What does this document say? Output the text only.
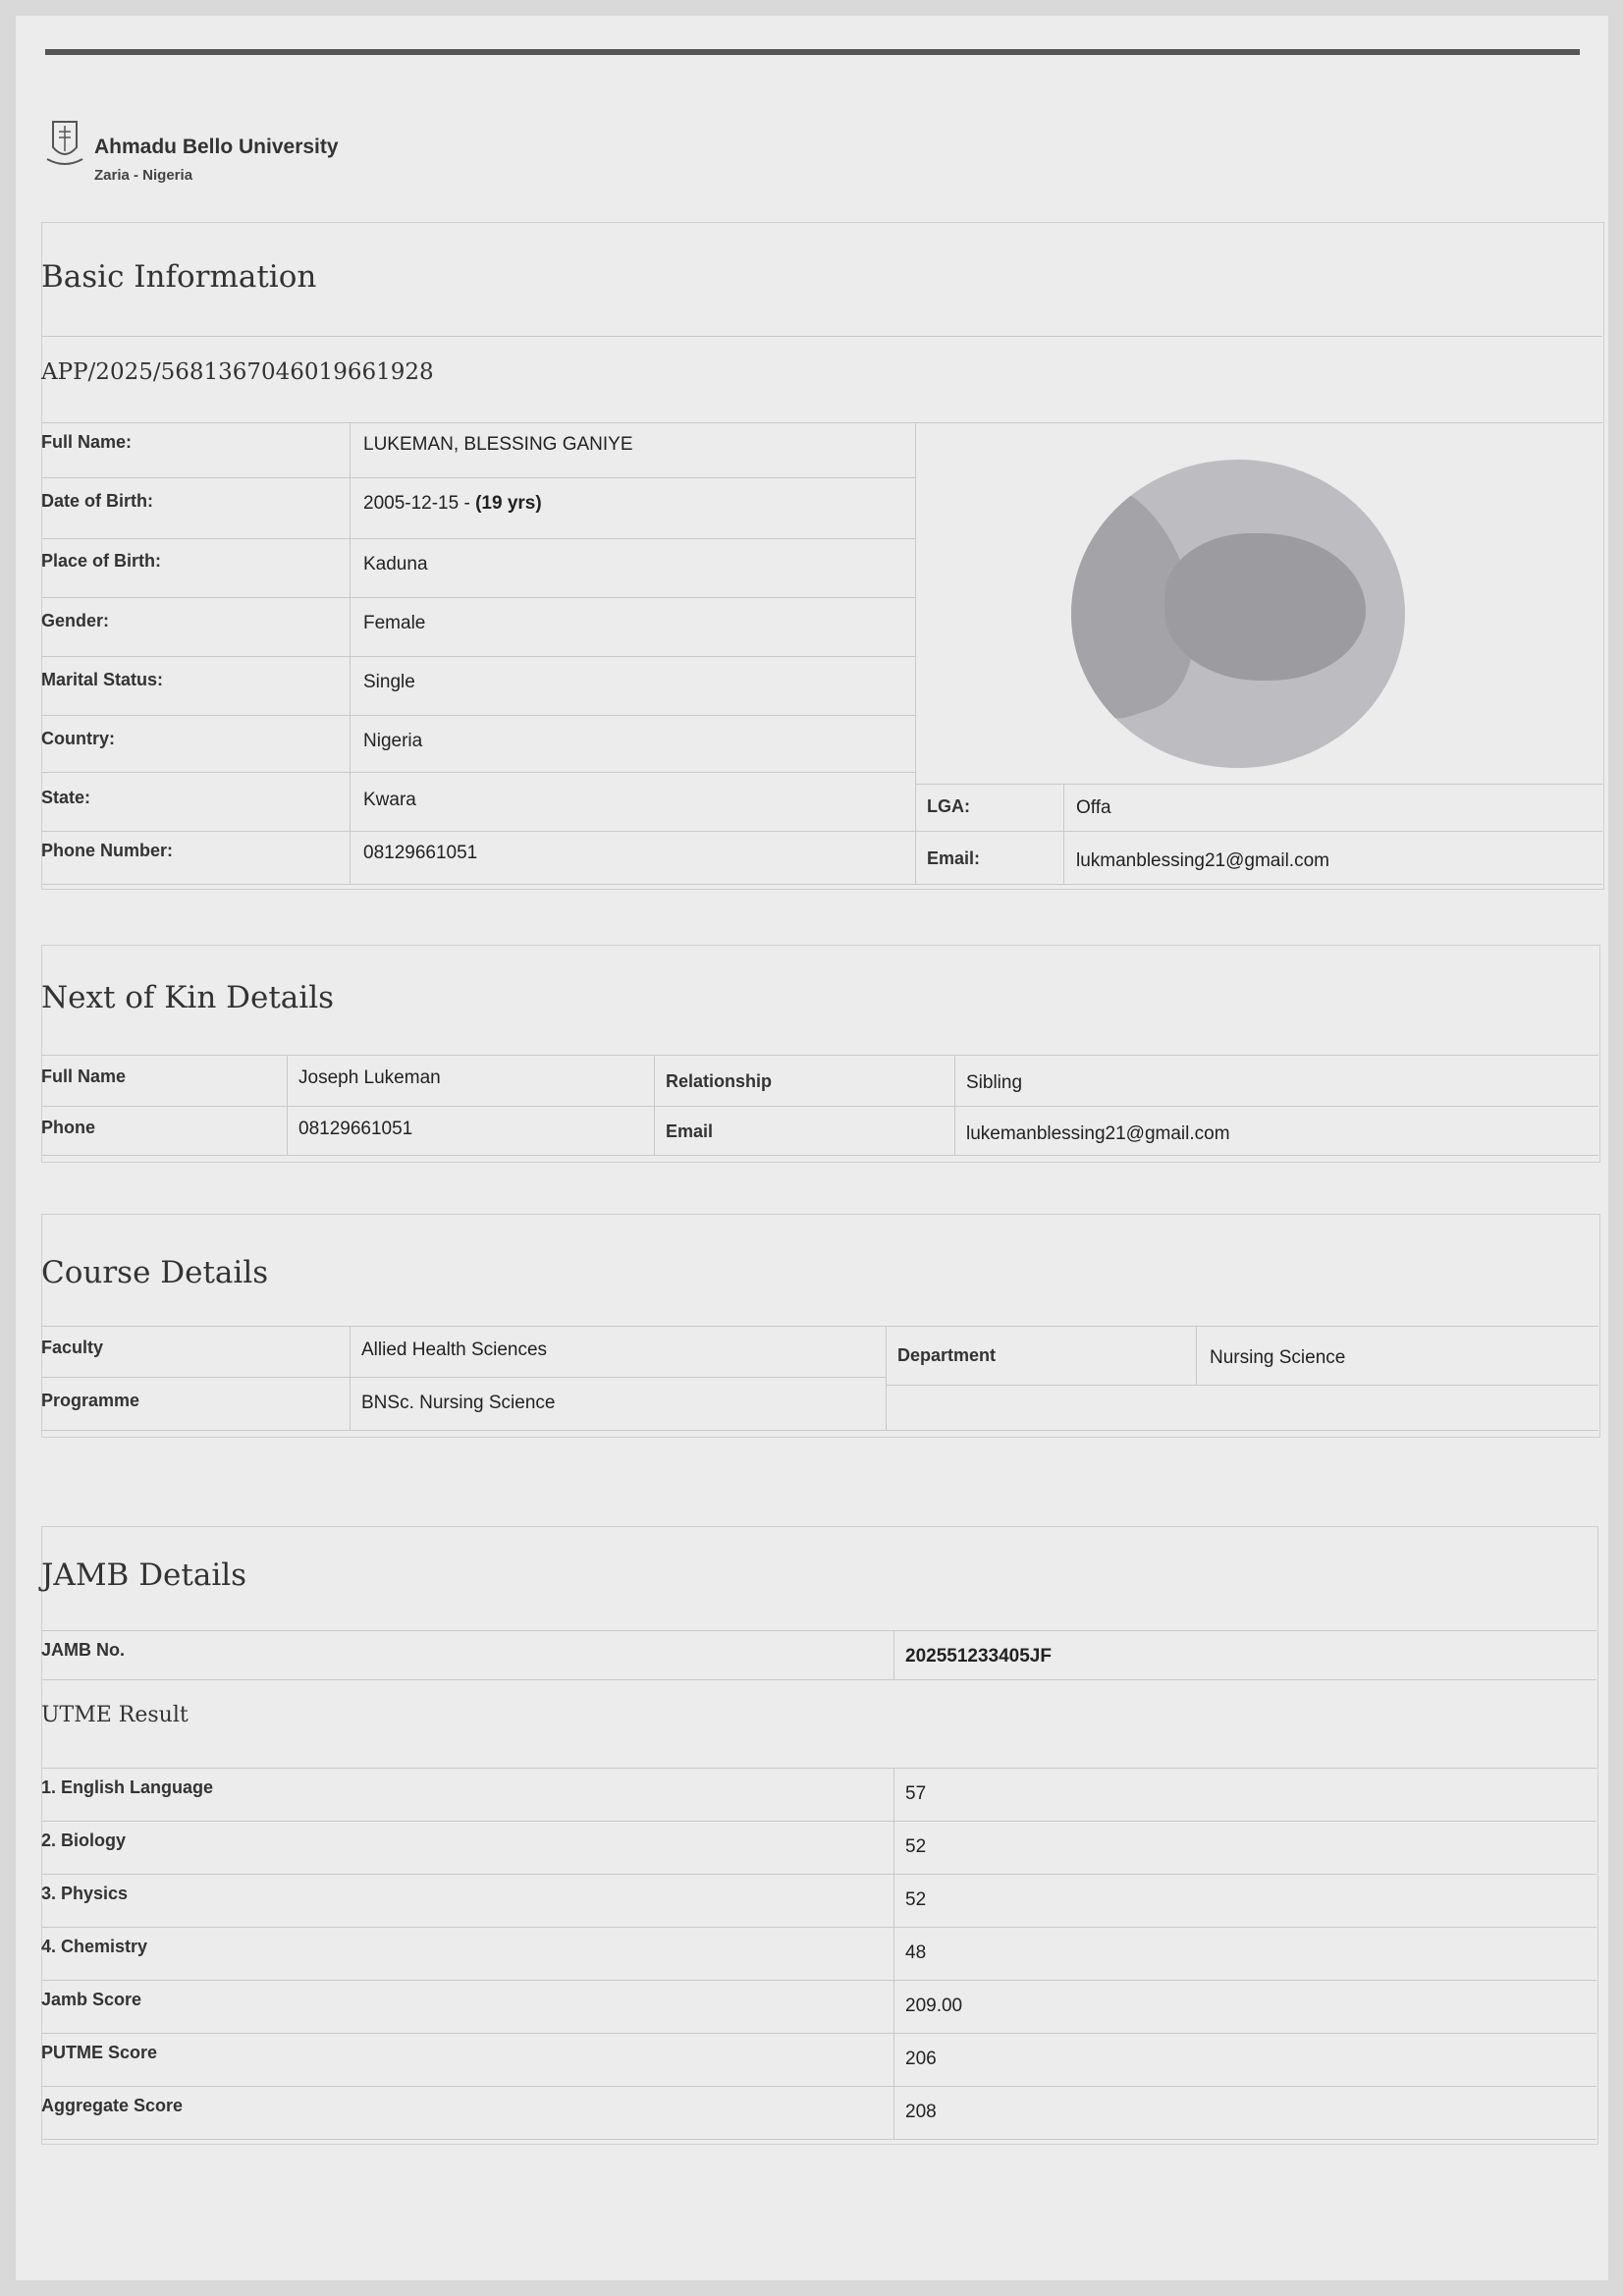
Ahmadu Bello University
Zaria - Nigeria
Basic Information
APP/2025/5681367046019661928
Full Name:	LUKEMAN, BLESSING GANIYE
Date of Birth:	2005-12-15 - (19 yrs)
Place of Birth:	Kaduna
Gender:	Female
Marital Status:	Single
Country:	Nigeria
State:	Kwara
Phone Number:	08129661051
LGA:	Offa
Email:	lukmanblessing21@gmail.com
Next of Kin Details
Full Name	Joseph Lukeman	Relationship	Sibling
Phone	08129661051	Email	lukemanblessing21@gmail.com
Course Details
Faculty	Allied Health Sciences	Department	Nursing Science
Programme	BNSc. Nursing Science
JAMB Details
JAMB No.	202551233405JF
UTME Result
1. English Language	57
2. Biology	52
3. Physics	52
4. Chemistry	48
Jamb Score	209.00
PUTME Score	206
Aggregate Score	208
